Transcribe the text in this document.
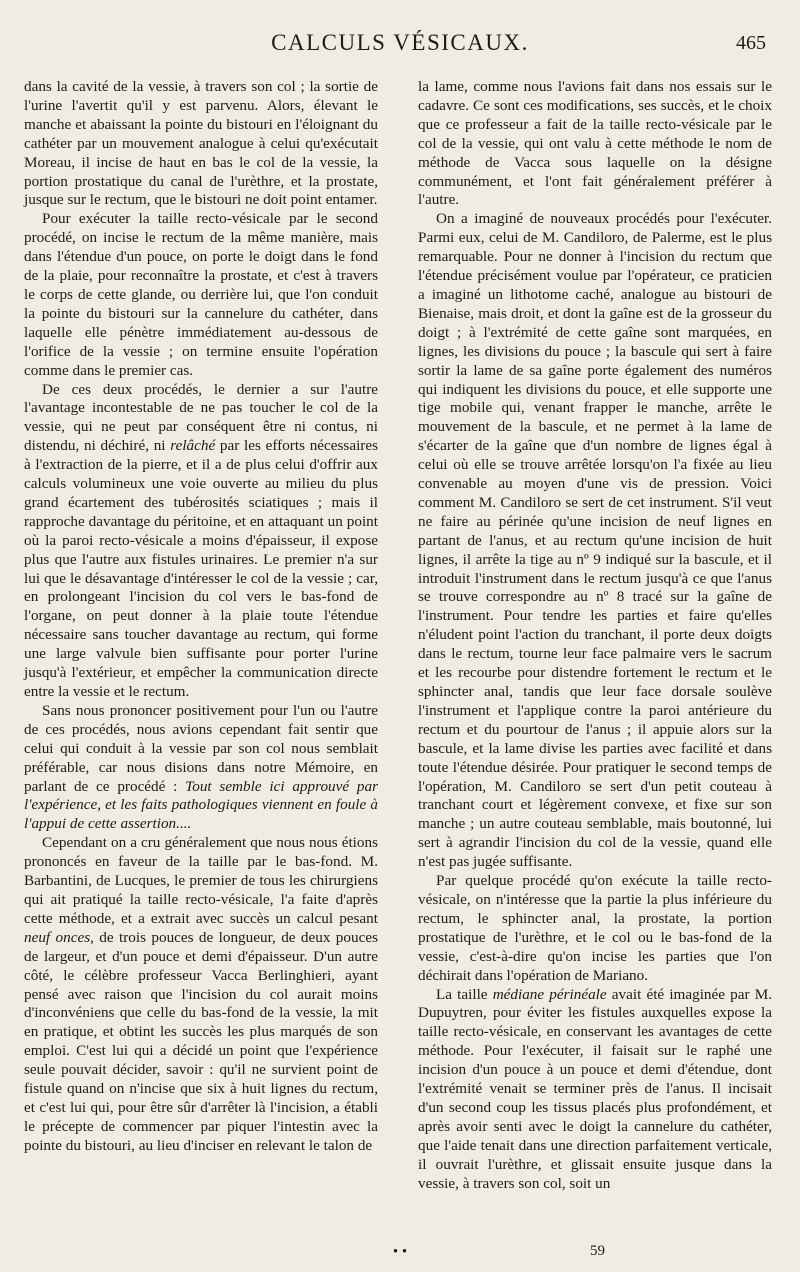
CALCULS VÉSICAUX.	465

dans la cavité de la vessie, à travers son col ; la sortie de l'urine l'avertit qu'il y est parvenu. Alors, élevant le manche et abaissant la pointe du bistouri en l'éloignant du cathéter par un mouvement analogue à celui qu'exécutait Moreau, il incise de haut en bas le col de la vessie, la portion prostatique du canal de l'urèthre, et la prostate, jusque sur le rectum, que le bistouri ne doit point entamer.

Pour exécuter la taille recto-vésicale par le second procédé, on incise le rectum de la même manière, mais dans l'étendue d'un pouce, on porte le doigt dans le fond de la plaie, pour reconnaître la prostate, et c'est à travers le corps de cette glande, ou derrière lui, que l'on conduit la pointe du bistouri sur la cannelure du cathéter, dans laquelle elle pénètre immédiatement au-dessous de l'orifice de la vessie ; on termine ensuite l'opération comme dans le premier cas.

De ces deux procédés, le dernier a sur l'autre l'avantage incontestable de ne pas toucher le col de la vessie, qui ne peut par conséquent être ni contus, ni distendu, ni déchiré, ni relâché par les efforts nécessaires à l'extraction de la pierre, et il a de plus celui d'offrir aux calculs volumineux une voie ouverte au milieu du plus grand écartement des tubérosités sciatiques ; mais il rapproche davantage du péritoine, et en attaquant un point où la paroi recto-vésicale a moins d'épaisseur, il expose plus que l'autre aux fistules urinaires. Le premier n'a sur lui que le désavantage d'intéresser le col de la vessie ; car, en prolongeant l'incision du col vers le bas-fond de l'organe, on peut donner à la plaie toute l'étendue nécessaire sans toucher davantage au rectum, qui forme une large valvule bien suffisante pour porter l'urine jusqu'à l'extérieur, et empêcher la communication directe entre la vessie et le rectum.

Sans nous prononcer positivement pour l'un ou l'autre de ces procédés, nous avions cependant fait sentir que celui qui conduit à la vessie par son col nous semblait préférable, car nous disions dans notre Mémoire, en parlant de ce procédé : Tout semble ici approuvé par l'expérience, et les faits pathologiques viennent en foule à l'appui de cette assertion....

Cependant on a cru généralement que nous nous étions prononcés en faveur de la taille par le bas-fond. M. Barbantini, de Lucques, le premier de tous les chirurgiens qui ait pratiqué la taille recto-vésicale, l'a faite d'après cette méthode, et a extrait avec succès un calcul pesant neuf onces, de trois pouces de longueur, de deux pouces de largeur, et d'un pouce et demi d'épaisseur. D'un autre côté, le célèbre professeur Vacca Berlinghieri, ayant pensé avec raison que l'incision du col aurait moins d'inconvéniens que celle du bas-fond de la vessie, la mit en pratique, et obtint les succès les plus marqués de son emploi. C'est lui qui a décidé un point que l'expérience seule pouvait décider, savoir : qu'il ne survient point de fistule quand on n'incise que six à huit lignes du rectum, et c'est lui qui, pour être sûr d'arrêter là l'incision, a établi le précepte de commencer par piquer l'intestin avec la pointe du bistouri, au lieu d'inciser en relevant le talon de

la lame, comme nous l'avions fait dans nos essais sur le cadavre. Ce sont ces modifications, ses succès, et le choix que ce professeur a fait de la taille recto-vésicale par le col de la vessie, qui ont valu à cette méthode le nom de méthode de Vacca sous laquelle on la désigne communément, et l'ont fait généralement préférer à l'autre.

On a imaginé de nouveaux procédés pour l'exécuter. Parmi eux, celui de M. Candiloro, de Palerme, est le plus remarquable. Pour ne donner à l'incision du rectum que l'étendue précisément voulue par l'opérateur, ce praticien a imaginé un lithotome caché, analogue au bistouri de Bienaise, mais droit, et dont la gaîne est de la grosseur du doigt ; à l'extrémité de cette gaîne sont marquées, en lignes, les divisions du pouce ; la bascule qui sert à faire sortir la lame de sa gaîne porte également des numéros qui indiquent les divisions du pouce, et elle supporte une tige mobile qui, venant frapper le manche, arrête le mouvement de la bascule, et ne permet à la lame de s'écarter de la gaîne que d'un nombre de lignes égal à celui où elle se trouve arrêtée lorsqu'on l'a fixée au lieu convenable au moyen d'une vis de pression. Voici comment M. Candiloro se sert de cet instrument. S'il veut ne faire au périnée qu'une incision de neuf lignes en partant de l'anus, et au rectum qu'une incision de huit lignes, il arrête la tige au nº 9 indiqué sur la bascule, et il introduit l'instrument dans le rectum jusqu'à ce que l'anus se trouve correspondre au nº 8 tracé sur la gaîne de l'instrument. Pour tendre les parties et faire qu'elles n'éludent point l'action du tranchant, il porte deux doigts dans le rectum, tourne leur face palmaire vers le sacrum et les recourbe pour distendre fortement le rectum et le sphincter anal, tandis que leur face dorsale soulève l'instrument et l'applique contre la paroi antérieure du rectum et du pourtour de l'anus ; il appuie alors sur la bascule, et la lame divise les parties avec facilité et dans toute l'étendue désirée. Pour pratiquer le second temps de l'opération, M. Candiloro se sert d'un petit couteau à tranchant court et légèrement convexe, et fixe sur son manche ; un autre couteau semblable, mais boutonné, lui sert à agrandir l'incision du col de la vessie, quand elle n'est pas jugée suffisante.

Par quelque procédé qu'on exécute la taille recto-vésicale, on n'intéresse que la partie la plus inférieure du rectum, le sphincter anal, la prostate, la portion prostatique de l'urèthre, et le col ou le bas-fond de la vessie, c'est-à-dire qu'on incise les parties que l'on déchirait dans l'opération de Mariano.

La taille médiane périnéale avait été imaginée par M. Dupuytren, pour éviter les fistules auxquelles expose la taille recto-vésicale, en conservant les avantages de cette méthode. Pour l'exécuter, il faisait sur le raphé une incision d'un pouce à un pouce et demi d'étendue, dont l'extrémité venait se terminer près de l'anus. Il incisait d'un second coup les tissus placés plus profondément, et après avoir senti avec le doigt la cannelure du cathéter, que l'aide tenait dans une direction parfaitement verticale, il ouvrait l'urèthre, et glissait ensuite jusque dans la vessie, à travers son col, soit un

• •	59
